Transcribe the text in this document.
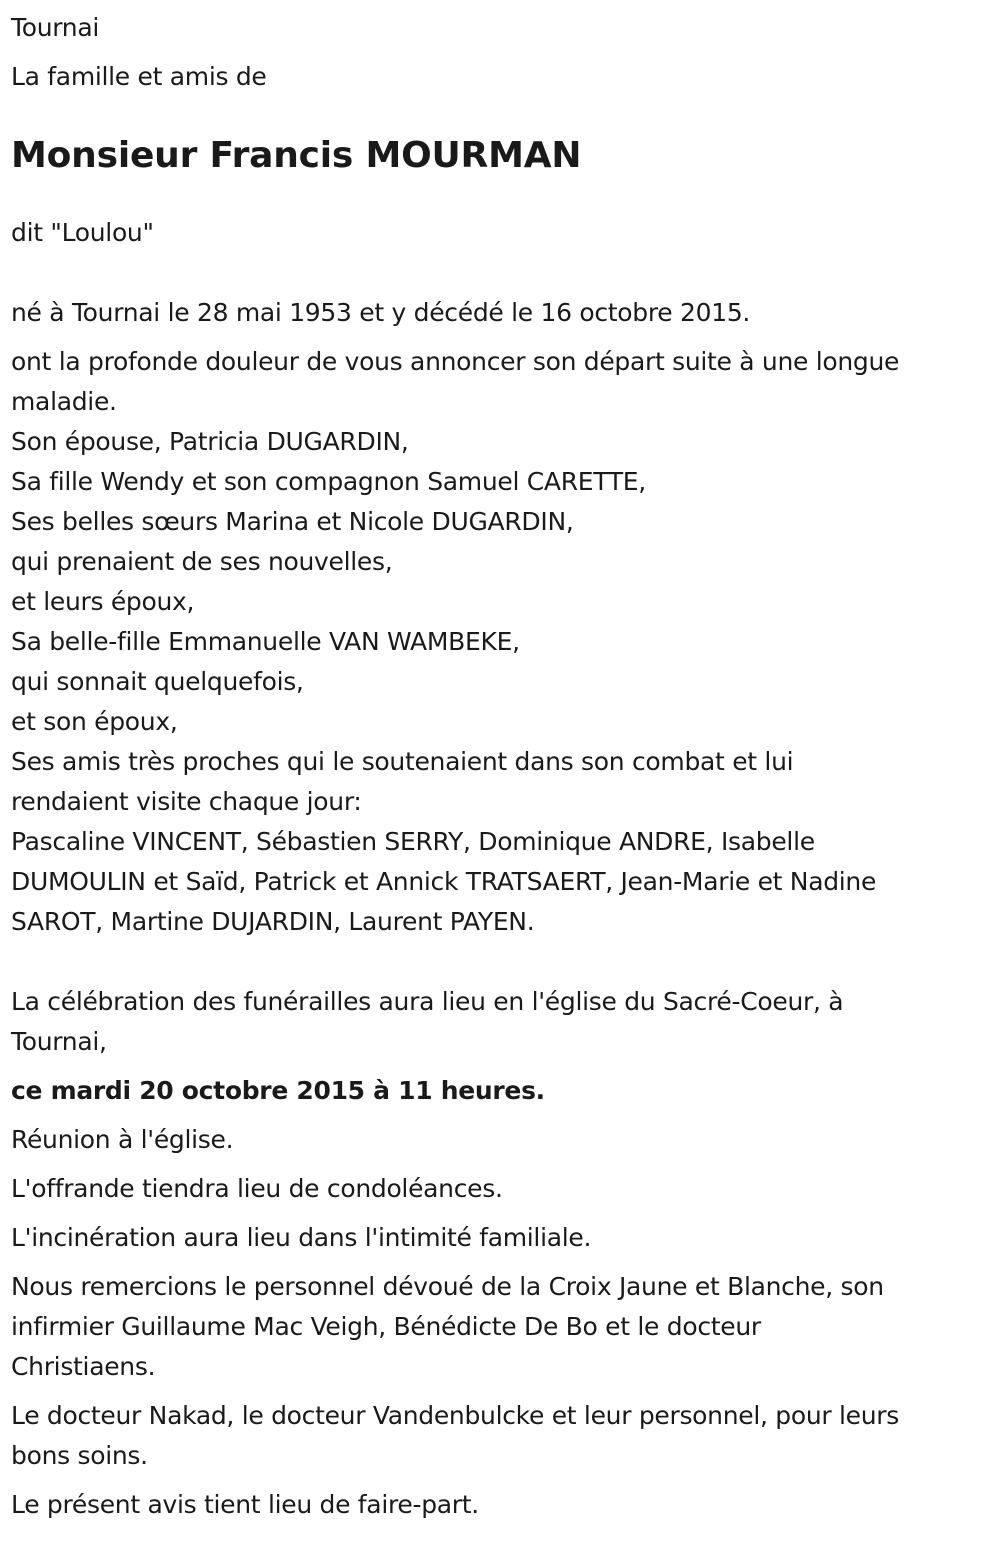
Tournai

La famille et amis de

Monsieur Francis MOURMAN

dit "Loulou"

né à Tournai le 28 mai 1953 et y décédé le 16 octobre 2015.

ont la profonde douleur de vous annoncer son départ suite à une longue

maladie.

Son épouse, Patricia DUGARDIN,

Sa fille Wendy et son compagnon Samuel CARETTE,

Ses belles sœurs Marina et Nicole DUGARDIN,

qui prenaient de ses nouvelles,

et leurs époux,

Sa belle-fille Emmanuelle VAN WAMBEKE,

qui sonnait quelquefois,

et son époux,

Ses amis très proches qui le soutenaient dans son combat et lui

rendaient visite chaque jour:

Pascaline VINCENT, Sébastien SERRY, Dominique ANDRE, Isabelle

DUMOULIN et Saïd, Patrick et Annick TRATSAERT, Jean-Marie et Nadine

SAROT, Martine DUJARDIN, Laurent PAYEN.

La célébration des funérailles aura lieu en l'église du Sacré-Coeur, à

Tournai,

ce mardi 20 octobre 2015 à 11 heures.

Réunion à l'église.

L'offrande tiendra lieu de condoléances.

L'incinération aura lieu dans l'intimité familiale.

Nous remercions le personnel dévoué de la Croix Jaune et Blanche, son

infirmier Guillaume Mac Veigh, Bénédicte De Bo et le docteur

Christiaens.

Le docteur Nakad, le docteur Vandenbulcke et leur personnel, pour leurs

bons soins.

Le présent avis tient lieu de faire-part.
